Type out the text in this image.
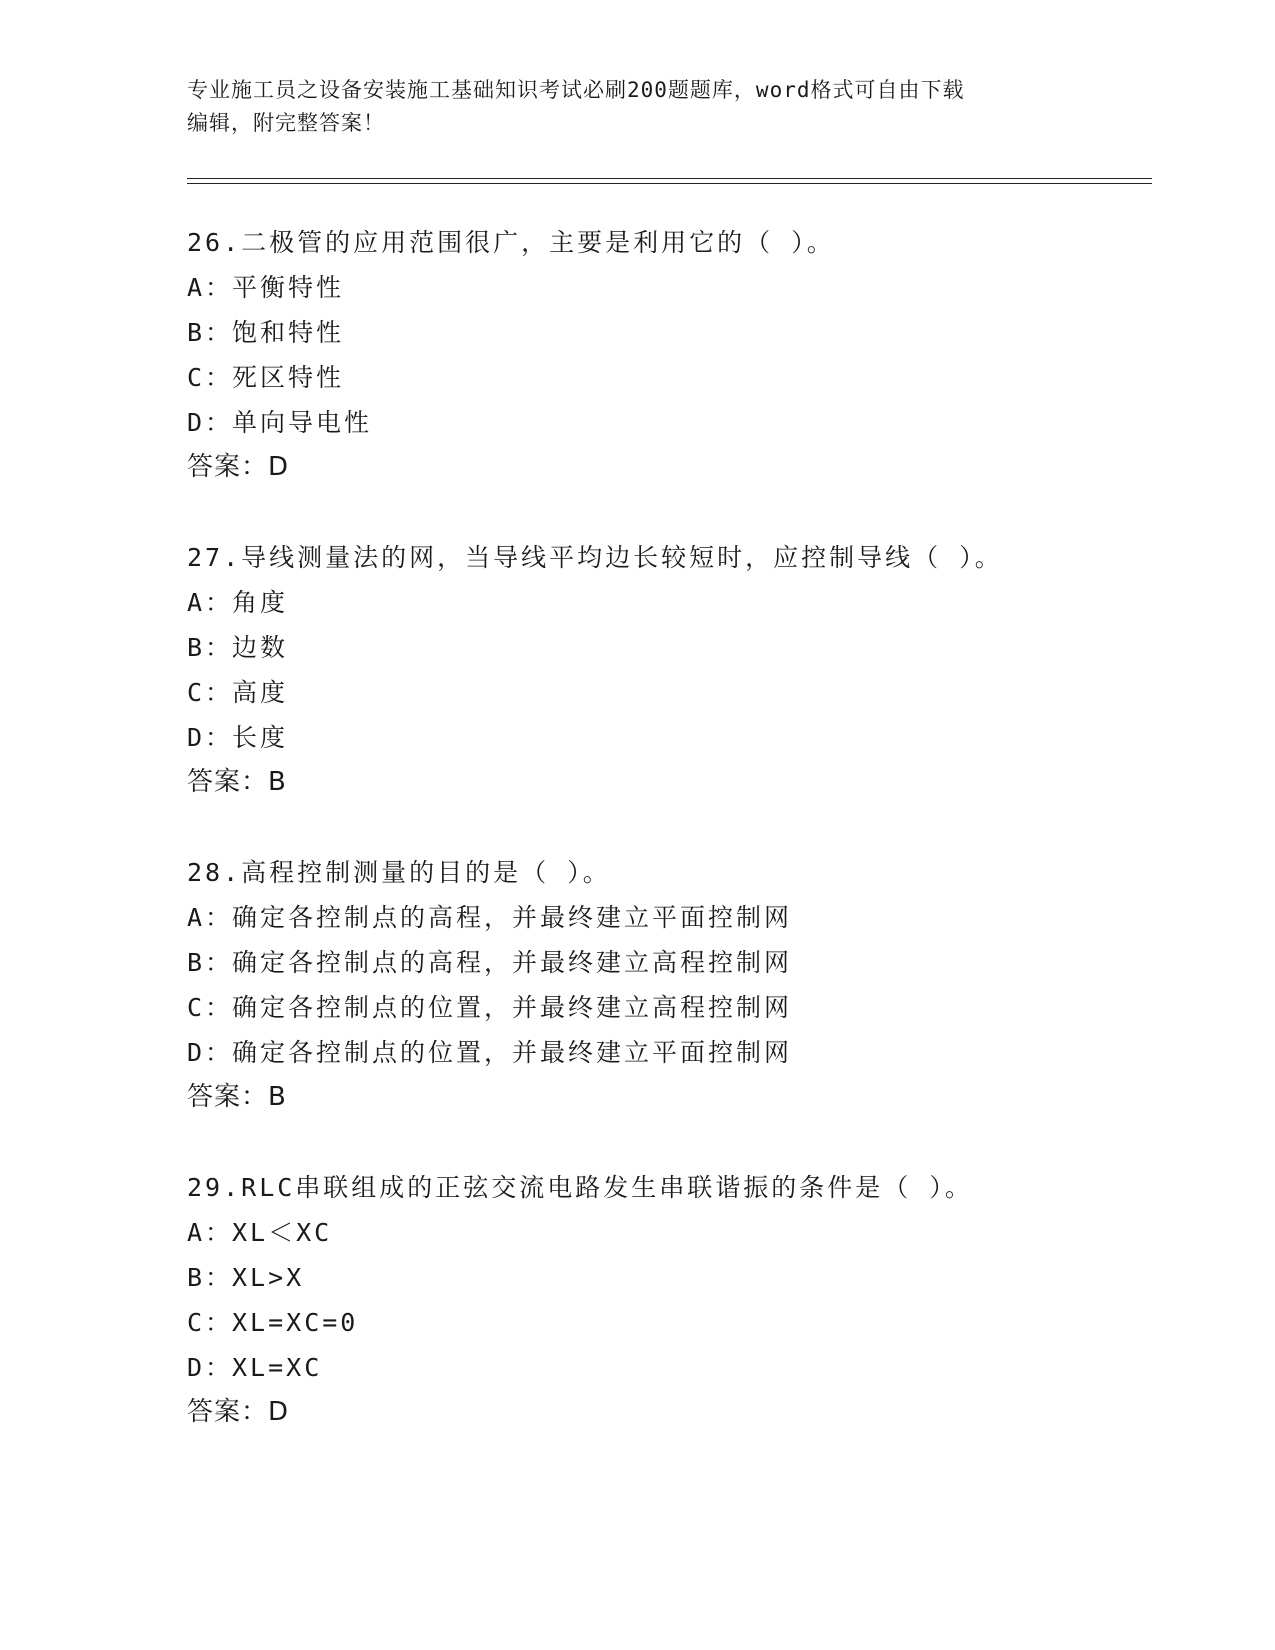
专业施工员之设备安装施工基础知识考试必刷200题题库，word格式可自由下载
编辑，附完整答案！
26.二极管的应用范围很广，主要是利用它的（ ）。
A：平衡特性
B：饱和特性
C：死区特性
D：单向导电性
答案：D
27.导线测量法的网，当导线平均边长较短时，应控制导线（ ）。
A：角度
B：边数
C：高度
D：长度
答案：B
28.高程控制测量的目的是（ ）。
A：确定各控制点的高程，并最终建立平面控制网
B：确定各控制点的高程，并最终建立高程控制网
C：确定各控制点的位置，并最终建立高程控制网
D：确定各控制点的位置，并最终建立平面控制网
答案：B
29.RLC串联组成的正弦交流电路发生串联谐振的条件是（ ）。
A：XL＜XC
B：XL>X
C：XL=XC=0
D：XL=XC
答案：D
